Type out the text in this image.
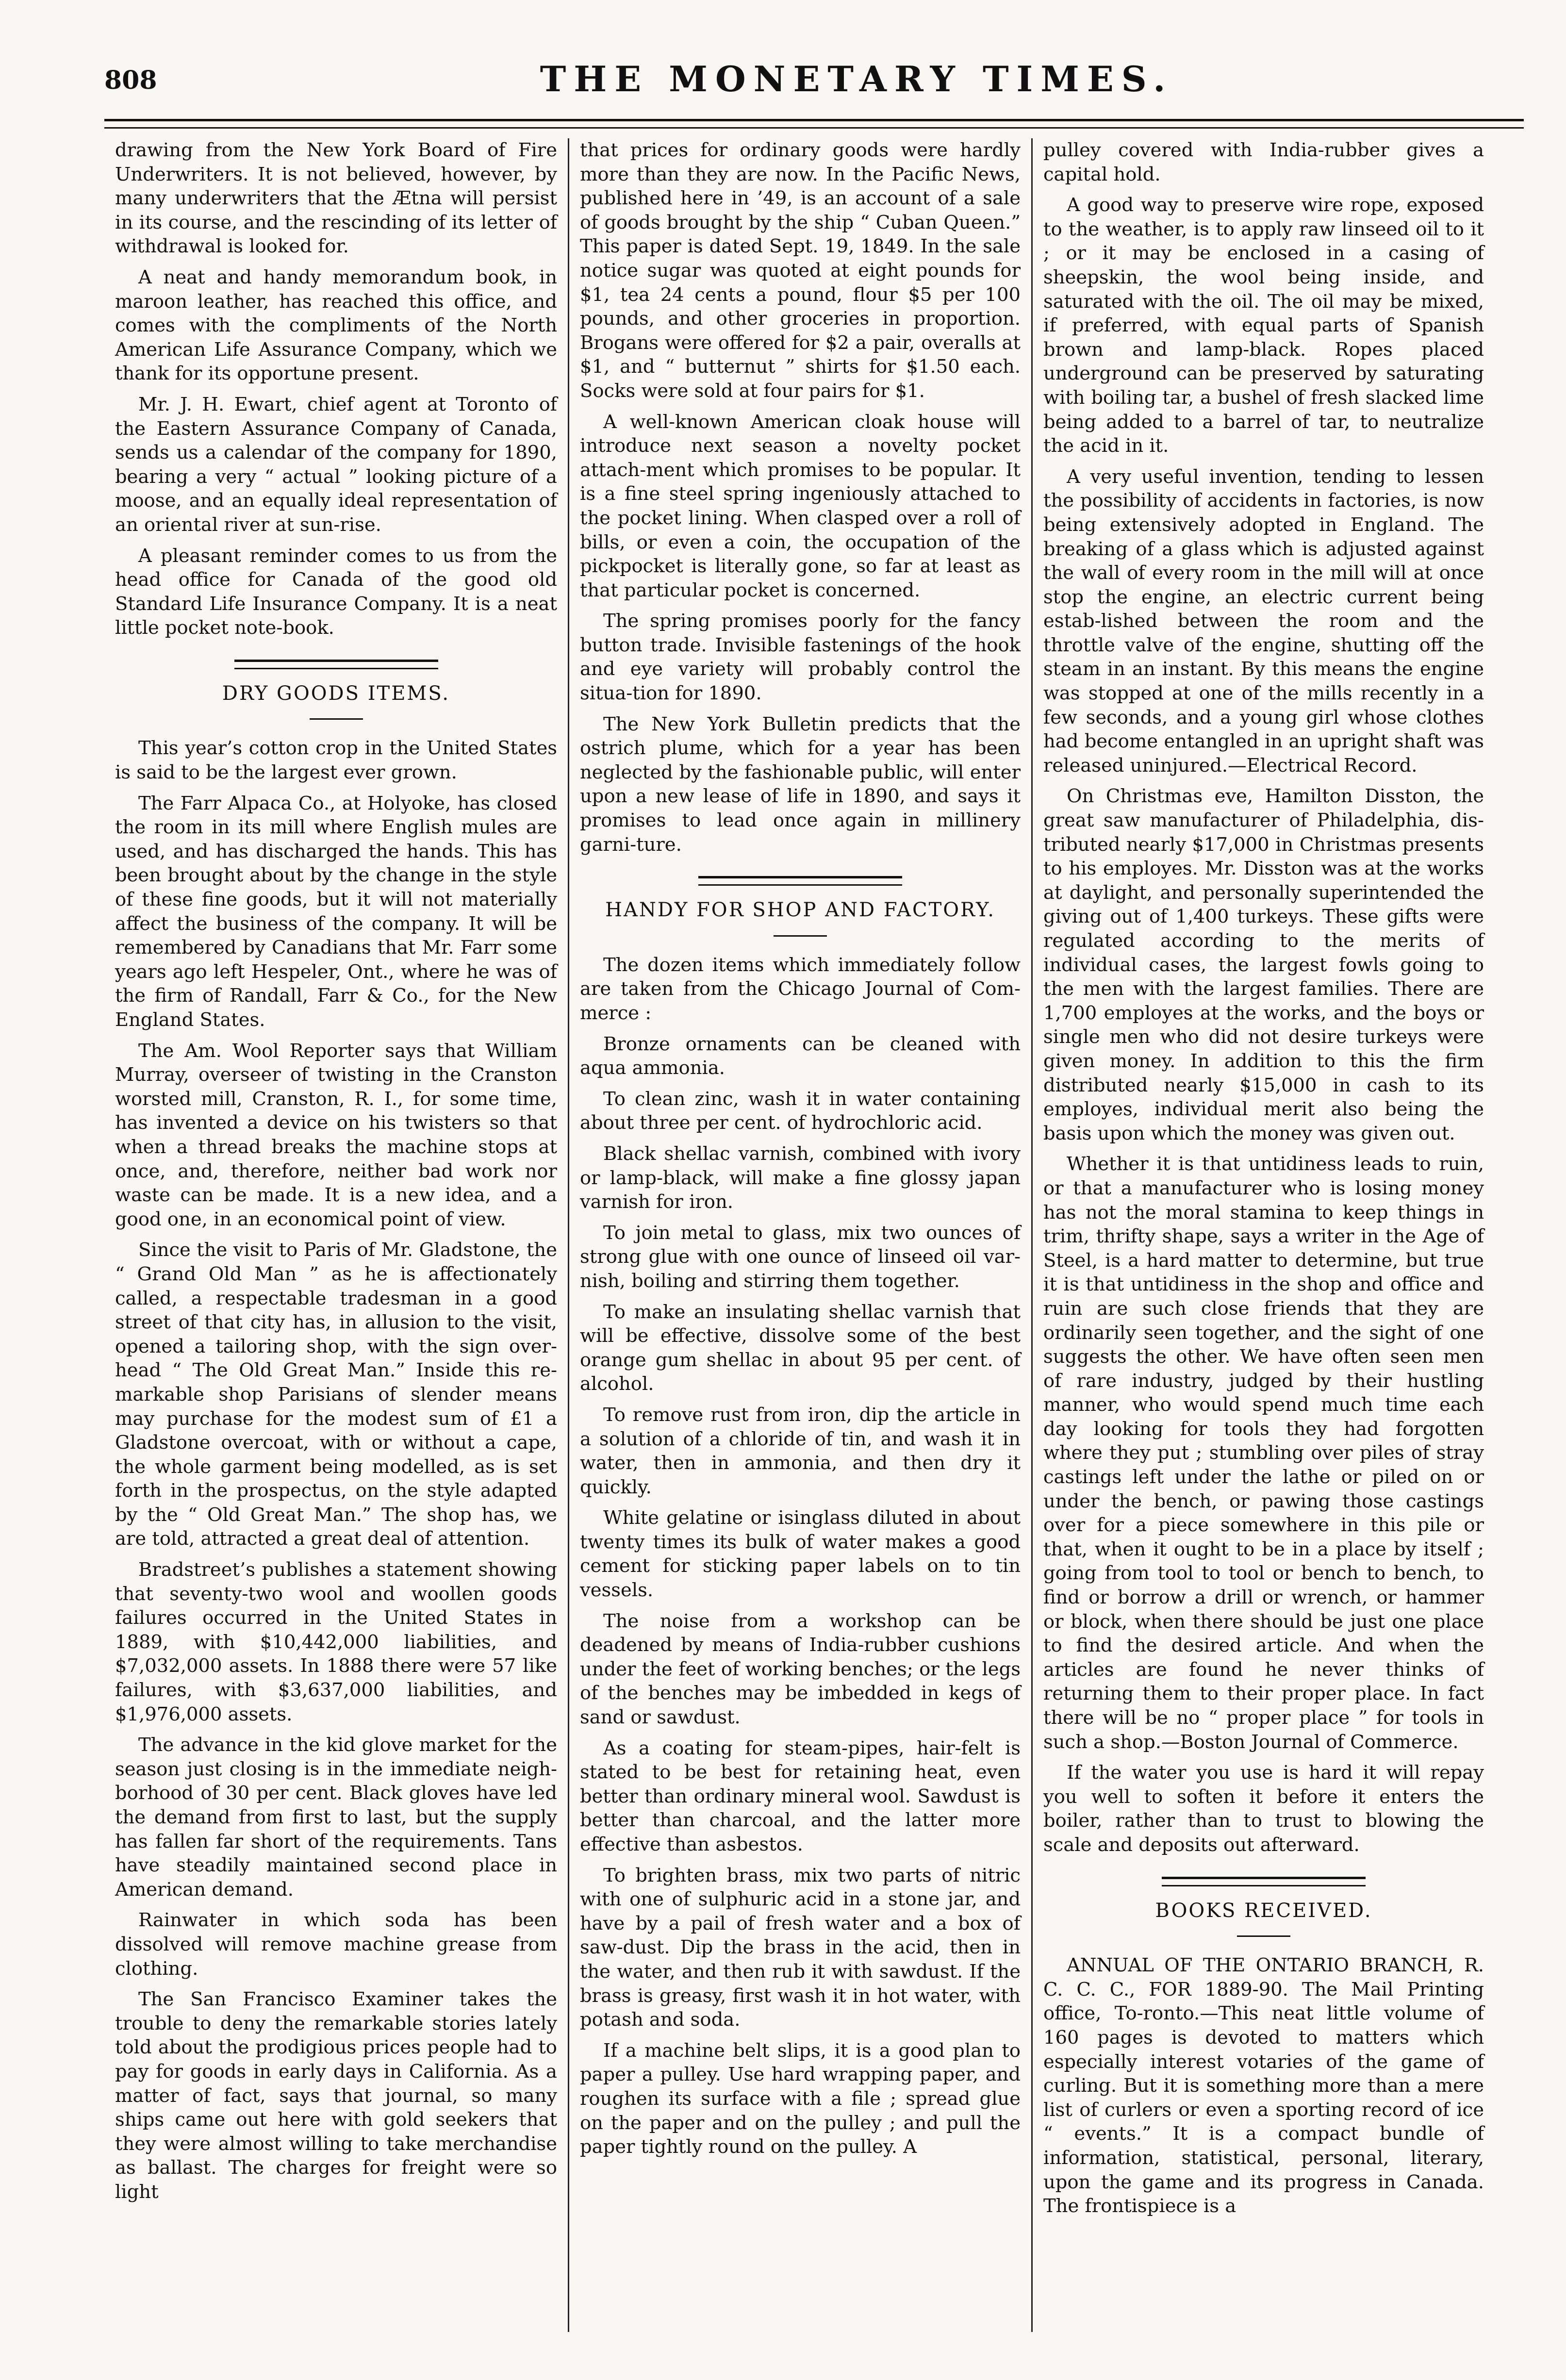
808	THE MONETARY TIMES.

drawing from the New York Board of Fire Underwriters. It is not believed, however, by many underwriters that the Ætna will persist in its course, and the rescinding of its letter of withdrawal is looked for.

A neat and handy memorandum book, in maroon leather, has reached this office, and comes with the compliments of the North American Life Assurance Company, which we thank for its opportune present.

Mr. J. H. Ewart, chief agent at Toronto of the Eastern Assurance Company of Canada, sends us a calendar of the company for 1890, bearing a very “ actual ” looking picture of a moose, and an equally ideal representation of an oriental river at sun-rise.

A pleasant reminder comes to us from the head office for Canada of the good old Standard Life Insurance Company. It is a neat little pocket note-book.

DRY GOODS ITEMS.

This year’s cotton crop in the United States is said to be the largest ever grown.

The Farr Alpaca Co., at Holyoke, has closed the room in its mill where English mules are used, and has discharged the hands. This has been brought about by the change in the style of these fine goods, but it will not materially affect the business of the company. It will be remembered by Canadians that Mr. Farr some years ago left Hespeler, Ont., where he was of the firm of Randall, Farr & Co., for the New England States.

The Am. Wool Reporter says that William Murray, overseer of twisting in the Cranston worsted mill, Cranston, R. I., for some time, has invented a device on his twisters so that when a thread breaks the machine stops at once, and, therefore, neither bad work nor waste can be made. It is a new idea, and a good one, in an economical point of view.

Since the visit to Paris of Mr. Gladstone, the “ Grand Old Man ” as he is affectionately called, a respectable tradesman in a good street of that city has, in allusion to the visit, opened a tailoring shop, with the sign over-head “ The Old Great Man.” Inside this re-markable shop Parisians of slender means may purchase for the modest sum of £1 a Gladstone overcoat, with or without a cape, the whole garment being modelled, as is set forth in the prospectus, on the style adapted by the “ Old Great Man.” The shop has, we are told, attracted a great deal of attention.

Bradstreet’s publishes a statement showing that seventy-two wool and woollen goods failures occurred in the United States in 1889, with $10,442,000 liabilities, and $7,032,000 assets. In 1888 there were 57 like failures, with $3,637,000 liabilities, and $1,976,000 assets.

The advance in the kid glove market for the season just closing is in the immediate neigh-borhood of 30 per cent. Black gloves have led the demand from first to last, but the supply has fallen far short of the requirements. Tans have steadily maintained second place in American demand.

Rainwater in which soda has been dissolved will remove machine grease from clothing.

The San Francisco Examiner takes the trouble to deny the remarkable stories lately told about the prodigious prices people had to pay for goods in early days in California. As a matter of fact, says that journal, so many ships came out here with gold seekers that they were almost willing to take merchandise as ballast. The charges for freight were so light

that prices for ordinary goods were hardly more than they are now. In the Pacific News, published here in ’49, is an account of a sale of goods brought by the ship “ Cuban Queen.” This paper is dated Sept. 19, 1849. In the sale notice sugar was quoted at eight pounds for $1, tea 24 cents a pound, flour $5 per 100 pounds, and other groceries in proportion. Brogans were offered for $2 a pair, overalls at $1, and “ butternut ” shirts for $1.50 each. Socks were sold at four pairs for $1.

A well-known American cloak house will introduce next season a novelty pocket attach-ment which promises to be popular. It is a fine steel spring ingeniously attached to the pocket lining. When clasped over a roll of bills, or even a coin, the occupation of the pickpocket is literally gone, so far at least as that particular pocket is concerned.

The spring promises poorly for the fancy button trade. Invisible fastenings of the hook and eye variety will probably control the situa-tion for 1890.

The New York Bulletin predicts that the ostrich plume, which for a year has been neglected by the fashionable public, will enter upon a new lease of life in 1890, and says it promises to lead once again in millinery garni-ture.

HANDY FOR SHOP AND FACTORY.

The dozen items which immediately follow are taken from the Chicago Journal of Com-merce :

Bronze ornaments can be cleaned with aqua ammonia.

To clean zinc, wash it in water containing about three per cent. of hydrochloric acid.

Black shellac varnish, combined with ivory or lamp-black, will make a fine glossy japan varnish for iron.

To join metal to glass, mix two ounces of strong glue with one ounce of linseed oil var-nish, boiling and stirring them together.

To make an insulating shellac varnish that will be effective, dissolve some of the best orange gum shellac in about 95 per cent. of alcohol.

To remove rust from iron, dip the article in a solution of a chloride of tin, and wash it in water, then in ammonia, and then dry it quickly.

White gelatine or isinglass diluted in about twenty times its bulk of water makes a good cement for sticking paper labels on to tin vessels.

The noise from a workshop can be deadened by means of India-rubber cushions under the feet of working benches; or the legs of the benches may be imbedded in kegs of sand or sawdust.

As a coating for steam-pipes, hair-felt is stated to be best for retaining heat, even better than ordinary mineral wool. Sawdust is better than charcoal, and the latter more effective than asbestos.

To brighten brass, mix two parts of nitric with one of sulphuric acid in a stone jar, and have by a pail of fresh water and a box of saw-dust. Dip the brass in the acid, then in the water, and then rub it with sawdust. If the brass is greasy, first wash it in hot water, with potash and soda.

If a machine belt slips, it is a good plan to paper a pulley. Use hard wrapping paper, and roughen its surface with a file ; spread glue on the paper and on the pulley ; and pull the paper tightly round on the pulley. A

pulley covered with India-rubber gives a capital hold.

A good way to preserve wire rope, exposed to the weather, is to apply raw linseed oil to it ; or it may be enclosed in a casing of sheepskin, the wool being inside, and saturated with the oil. The oil may be mixed, if preferred, with equal parts of Spanish brown and lamp-black. Ropes placed underground can be preserved by saturating with boiling tar, a bushel of fresh slacked lime being added to a barrel of tar, to neutralize the acid in it.

A very useful invention, tending to lessen the possibility of accidents in factories, is now being extensively adopted in England. The breaking of a glass which is adjusted against the wall of every room in the mill will at once stop the engine, an electric current being estab-lished between the room and the throttle valve of the engine, shutting off the steam in an instant. By this means the engine was stopped at one of the mills recently in a few seconds, and a young girl whose clothes had become entangled in an upright shaft was released uninjured.—Electrical Record.

On Christmas eve, Hamilton Disston, the great saw manufacturer of Philadelphia, dis-tributed nearly $17,000 in Christmas presents to his employes. Mr. Disston was at the works at daylight, and personally superintended the giving out of 1,400 turkeys. These gifts were regulated according to the merits of individual cases, the largest fowls going to the men with the largest families. There are 1,700 employes at the works, and the boys or single men who did not desire turkeys were given money. In addition to this the firm distributed nearly $15,000 in cash to its employes, individual merit also being the basis upon which the money was given out.

Whether it is that untidiness leads to ruin, or that a manufacturer who is losing money has not the moral stamina to keep things in trim, thrifty shape, says a writer in the Age of Steel, is a hard matter to determine, but true it is that untidiness in the shop and office and ruin are such close friends that they are ordinarily seen together, and the sight of one suggests the other. We have often seen men of rare industry, judged by their hustling manner, who would spend much time each day looking for tools they had forgotten where they put ; stumbling over piles of stray castings left under the lathe or piled on or under the bench, or pawing those castings over for a piece somewhere in this pile or that, when it ought to be in a place by itself ; going from tool to tool or bench to bench, to find or borrow a drill or wrench, or hammer or block, when there should be just one place to find the desired article. And when the articles are found he never thinks of returning them to their proper place. In fact there will be no “ proper place ” for tools in such a shop.—Boston Journal of Commerce.

If the water you use is hard it will repay you well to soften it before it enters the boiler, rather than to trust to blowing the scale and deposits out afterward.

BOOKS RECEIVED.

ANNUAL OF THE ONTARIO BRANCH, R. C. C. C., FOR 1889-90. The Mail Printing office, To-ronto.—This neat little volume of 160 pages is devoted to matters which especially interest votaries of the game of curling. But it is something more than a mere list of curlers or even a sporting record of ice “ events.” It is a compact bundle of information, statistical, personal, literary, upon the game and its progress in Canada. The frontispiece is a
